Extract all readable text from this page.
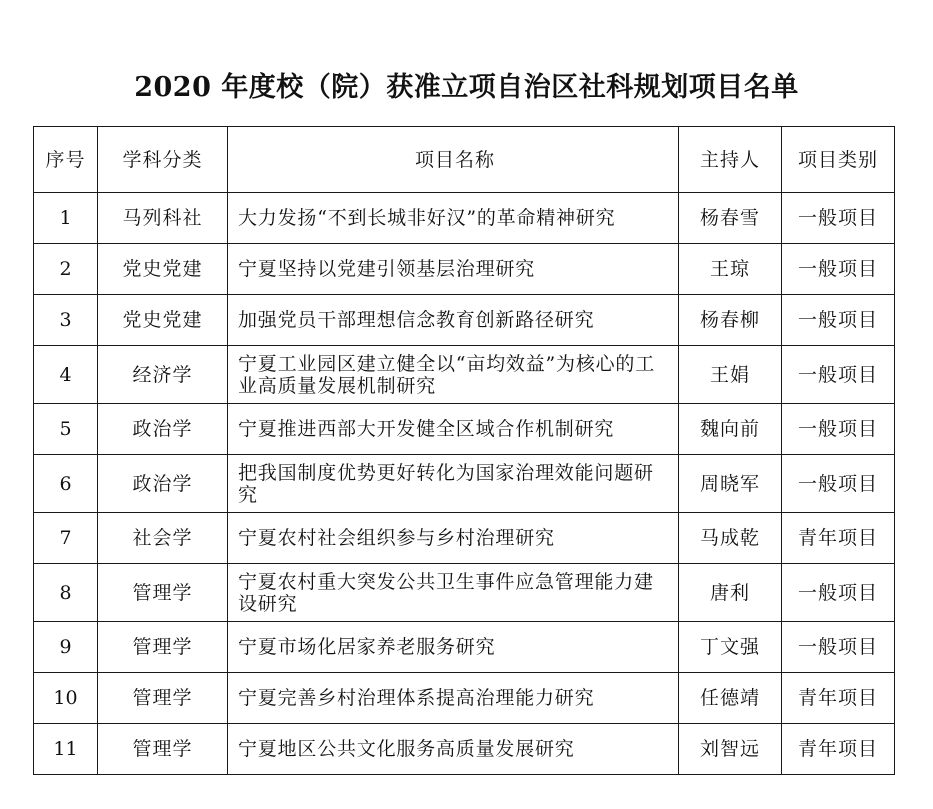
2020 年度校（院）获准立项自治区社科规划项目名单
序号	学科分类	项目名称	主持人	项目类别
1	马列科社	大力发扬“不到长城非好汉”的革命精神研究	杨春雪	一般项目
2	党史党建	宁夏坚持以党建引领基层治理研究	王琼	一般项目
3	党史党建	加强党员干部理想信念教育创新路径研究	杨春柳	一般项目
4	经济学	宁夏工业园区建立健全以“亩均效益”为核心的工业高质量发展机制研究	王娟	一般项目
5	政治学	宁夏推进西部大开发健全区域合作机制研究	魏向前	一般项目
6	政治学	把我国制度优势更好转化为国家治理效能问题研究	周晓军	一般项目
7	社会学	宁夏农村社会组织参与乡村治理研究	马成乾	青年项目
8	管理学	宁夏农村重大突发公共卫生事件应急管理能力建设研究	唐利	一般项目
9	管理学	宁夏市场化居家养老服务研究	丁文强	一般项目
10	管理学	宁夏完善乡村治理体系提高治理能力研究	任德靖	青年项目
11	管理学	宁夏地区公共文化服务高质量发展研究	刘智远	青年项目
